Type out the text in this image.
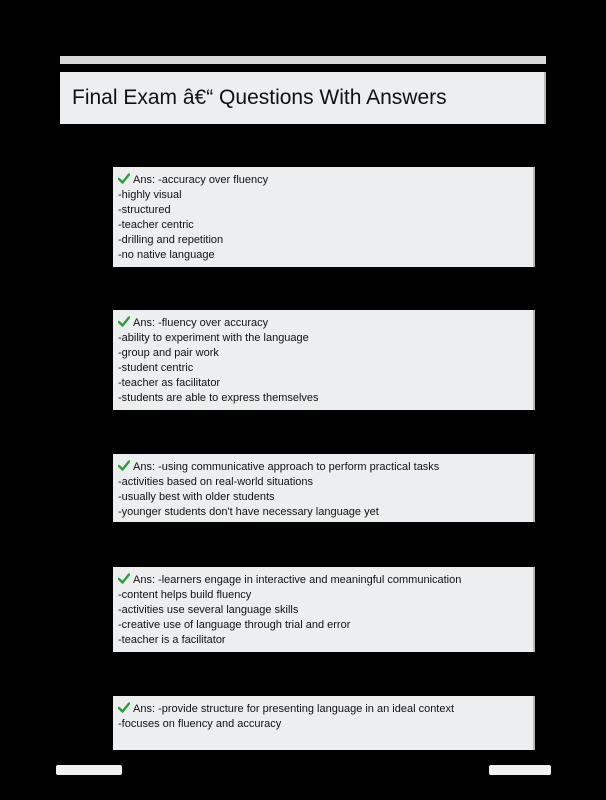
Final Exam â€“ Questions With Answers
Ans: -accuracy over fluency
-highly visual
-structured
-teacher centric
-drilling and repetition
-no native language
Ans: -fluency over accuracy
-ability to experiment with the language
-group and pair work
-student centric
-teacher as facilitator
-students are able to express themselves
Ans: -using communicative approach to perform practical tasks
-activities based on real-world situations
-usually best with older students
-younger students don't have necessary language yet
Ans: -learners engage in interactive and meaningful communication
-content helps build fluency
-activities use several language skills
-creative use of language through trial and error
-teacher is a facilitator
Ans: -provide structure for presenting language in an ideal context
-focuses on fluency and accuracy
